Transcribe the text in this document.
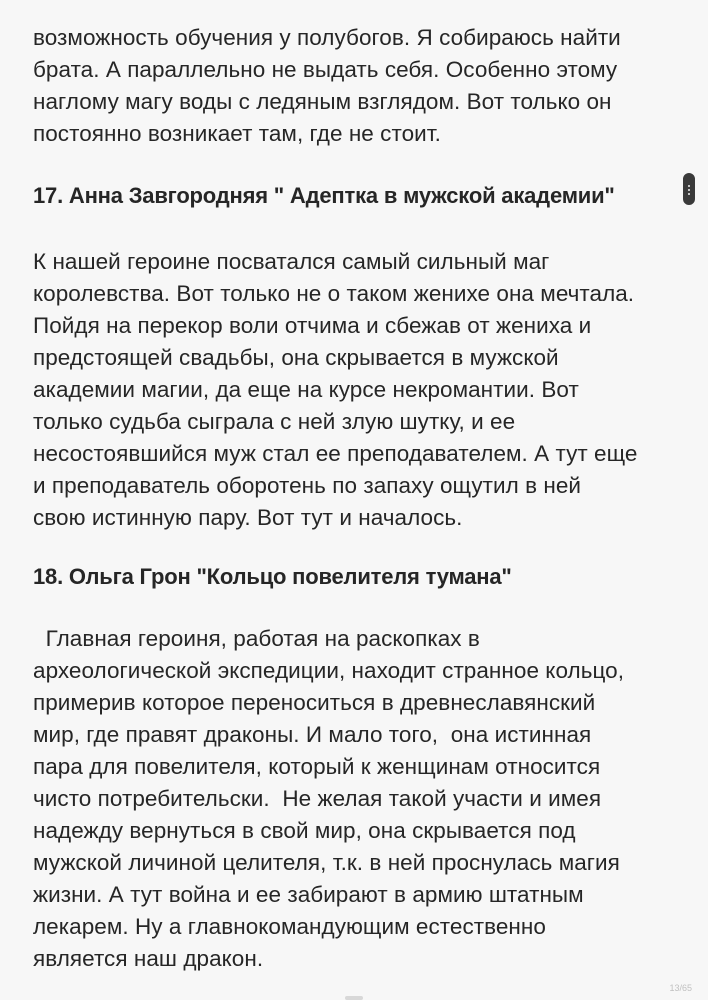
возможность обучения у полубогов. Я собираюсь найти
брата. А параллельно не выдать себя. Особенно этому
наглому магу воды с ледяным взглядом. Вот только он
постоянно возникает там, где не стоит.
17. Анна Завгородняя " Адептка в мужской академии"
К нашей героине посватался самый сильный маг
королевства. Вот только не о таком женихе она мечтала.
Пойдя на перекор воли отчима и сбежав от жениха и
предстоящей свадьбы, она скрывается в мужской
академии магии, да еще на курсе некромантии. Вот
только судьба сыграла с ней злую шутку, и ее
несостоявшийся муж стал ее преподавателем. А тут еще
и преподаватель оборотень по запаху ощутил в ней
свою истинную пару. Вот тут и началось.
18. Ольга Грон "Кольцо повелителя тумана"
Главная героиня, работая на раскопках в
археологической экспедиции, находит странное кольцо,
примерив которое переноситься в древнеславянский
мир, где правят драконы. И мало того,  она истинная
пара для повелителя, который к женщинам относится
чисто потребительски.  Не желая такой участи и имея
надежду вернуться в свой мир, она скрывается под
мужской личиной целителя, т.к. в ней проснулась магия
жизни. А тут война и ее забирают в армию штатным
лекарем. Ну а главнокомандующим естественно
является наш дракон.
13/65
